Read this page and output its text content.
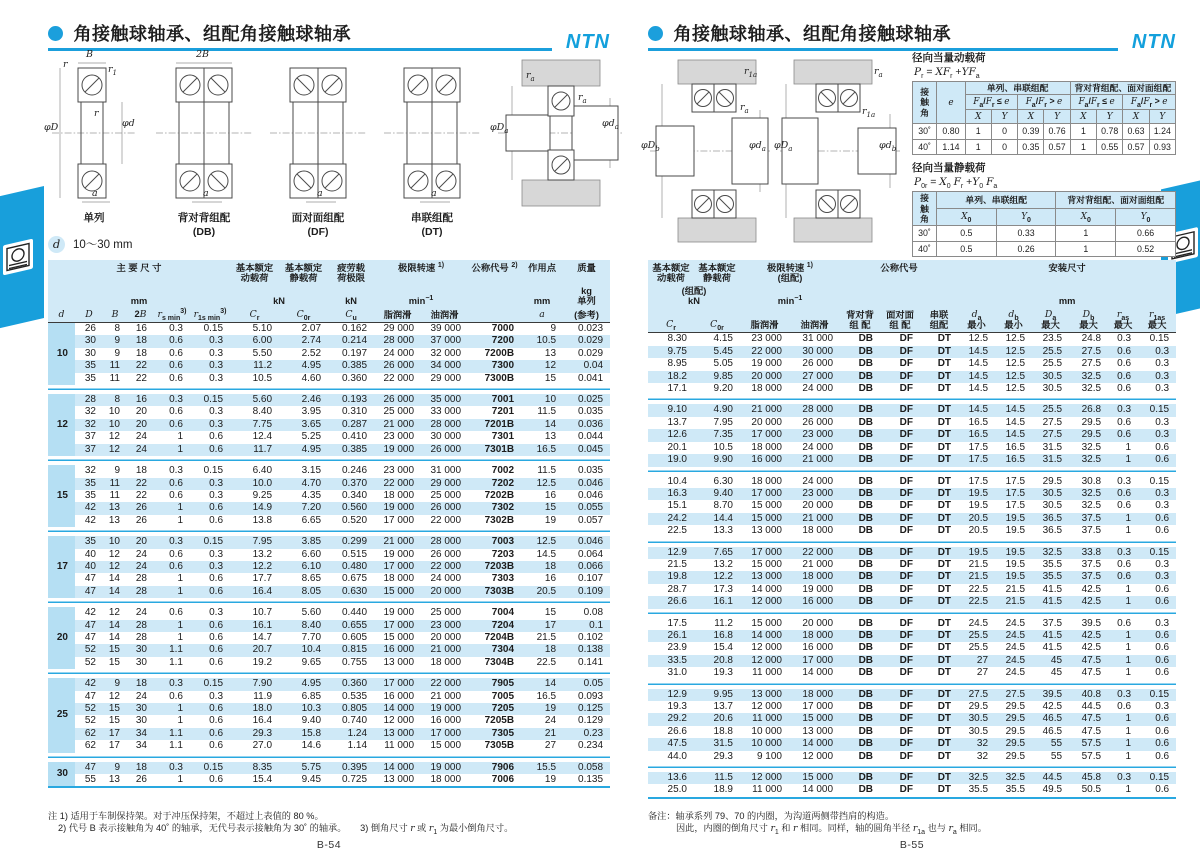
角接触球轴承、组配角接触球轴承	NTN
B
r	$r_1$
φD	φd
r
a
单列
2B
a
背对背组配
(DB)
a
面对面组配
(DF)
a
串联组配
(DT)
$r_a$
$r_a$
$\varphi D_a$
$\varphi d_a$
d 10～30 mm
主 要 尺 寸						基本额定
动载荷	基本额定
静载荷	疲劳载
荷极限	极限转速 $^{1)}$		公称代号 $^{2)}$	作用点	质量
mm						kN		kN	$\min^{-1}$			mm	kg
单列
d	D	B	2B	$r_{s min}^{3)}$	$r_{1s min}^{3)}$	$C_r$	$C_{0r}$	$C_u$	脂润滑	油润滑		a	(参考)
10	26	8	16	0.3	0.15	5.10	2.07	0.162	29 000	39 000	7000	9	0.023
	30	9	18	0.6	0.3	6.00	2.74	0.214	28 000	37 000	7200	10.5	0.029
	30	9	18	0.6	0.3	5.50	2.52	0.197	24 000	32 000	7200B	13	0.029
	35	11	22	0.6	0.3	11.2	4.95	0.385	26 000	34 000	7300	12	0.04
	35	11	22	0.6	0.3	10.5	4.60	0.360	22 000	29 000	7300B	15	0.041

12	28	8	16	0.3	0.15	5.60	2.46	0.193	26 000	35 000	7001	10	0.025
	32	10	20	0.6	0.3	8.40	3.95	0.310	25 000	33 000	7201	11.5	0.035
	32	10	20	0.6	0.3	7.75	3.65	0.287	21 000	28 000	7201B	14	0.036
	37	12	24	1	0.6	12.4	5.25	0.410	23 000	30 000	7301	13	0.044
	37	12	24	1	0.6	11.7	4.95	0.385	19 000	26 000	7301B	16.5	0.045

15	32	9	18	0.3	0.15	6.40	3.15	0.246	23 000	31 000	7002	11.5	0.035
	35	11	22	0.6	0.3	10.0	4.70	0.370	22 000	29 000	7202	12.5	0.046
	35	11	22	0.6	0.3	9.25	4.35	0.340	18 000	25 000	7202B	16	0.046
	42	13	26	1	0.6	14.9	7.20	0.560	19 000	26 000	7302	15	0.055
	42	13	26	1	0.6	13.8	6.65	0.520	17 000	22 000	7302B	19	0.057

17	35	10	20	0.3	0.15	7.95	3.85	0.299	21 000	28 000	7003	12.5	0.046
	40	12	24	0.6	0.3	13.2	6.60	0.515	19 000	26 000	7203	14.5	0.064
	40	12	24	0.6	0.3	12.2	6.10	0.480	17 000	22 000	7203B	18	0.066
	47	14	28	1	0.6	17.7	8.65	0.675	18 000	24 000	7303	16	0.107
	47	14	28	1	0.6	16.4	8.05	0.630	15 000	20 000	7303B	20.5	0.109

20	42	12	24	0.6	0.3	10.7	5.60	0.440	19 000	25 000	7004	15	0.08
	47	14	28	1	0.6	16.1	8.40	0.655	17 000	23 000	7204	17	0.1
	47	14	28	1	0.6	14.7	7.70	0.605	15 000	20 000	7204B	21.5	0.102
	52	15	30	1.1	0.6	20.7	10.4	0.815	16 000	21 000	7304	18	0.138
	52	15	30	1.1	0.6	19.2	9.65	0.755	13 000	18 000	7304B	22.5	0.141

25	42	9	18	0.3	0.15	7.90	4.95	0.360	17 000	22 000	7905	14	0.05
	47	12	24	0.6	0.3	11.9	6.85	0.535	16 000	21 000	7005	16.5	0.093
	52	15	30	1	0.6	18.0	10.3	0.805	14 000	19 000	7205	19	0.125
	52	15	30	1	0.6	16.4	9.40	0.740	12 000	16 000	7205B	24	0.129
	62	17	34	1.1	0.6	29.3	15.8	1.24	13 000	17 000	7305	21	0.23
	62	17	34	1.1	0.6	27.0	14.6	1.14	11 000	15 000	7305B	27	0.234

30	47	9	18	0.3	0.15	8.35	5.75	0.395	14 000	19 000	7906	15.5	0.058
	55	13	26	1	0.6	15.4	9.45	0.725	13 000	18 000	7006	19	0.135
注 1) 适用于车制保持架。对于冲压保持架，不超过上表值的 80 %。
2) 代号 B 表示接触角为 40˚ 的轴承，无代号表示接触角为 30˚ 的轴承。　　3) 倒角尺寸 r 或 $r_1$ 为最小倒角尺寸。
B-54
角接触球轴承、组配角接触球轴承	NTN
$r_{1a}$
$r_a$
$\varphi D_b$	$\varphi d_a$
$r_a$
$r_{1a}$
$\varphi D_a$	$\varphi d_b$
径向当量动载荷
$P_r = XF_r +YF_a$
接
触
角	e	单列、串联组配				背对背组配、面对面组配			
		$F_a/F_r \le e$		$F_a/F_r > e$		$F_a/F_r \le e$		$F_a/F_r > e$	
		X	Y	X	Y	X	Y	X	Y
30˚	0.80	1	0	0.39	0.76	1	0.78	0.63	1.24
40˚	1.14	1	0	0.35	0.57	1	0.55	0.57	0.93
径向当量静载荷
$P_{0r} = X_0$ $F_r +Y_0$ $F_a$
接
触
角	单列、串联组配		背对背组配、面对面组配	
	$X_0$	$Y_0$	$X_0$	$Y_0$
30˚	0.5	0.33	1	0.66
40˚	0.5	0.26	1	0.52
单列或串联组配场合，
$P_{0r} < F_r$ 时, $P_{0r} = F_{ro}$
基本额定
动载荷	基本额定
静载荷	极限转速 $^{1)}$
(组配)		公称代号			安装尺寸					
(组配)
kN		$\min^{-1}$					mm					
$C_r$	$C_{0r}$	脂润滑	油润滑	背对背
组 配	面对面
组 配	串联
组配	$d_a$
最小	$d_b$
最小	$D_a$
最大	$D_b$
最大	$r_{as}$
最大	$r_{1as}$
最大
8.30	4.15	23 000	31 000	DB	DF	DT	12.5	12.5	23.5	24.8	0.3	0.15
9.75	5.45	22 000	30 000	DB	DF	DT	14.5	12.5	25.5	27.5	0.6	0.3
8.95	5.05	19 000	26 000	DB	DF	DT	14.5	12.5	25.5	27.5	0.6	0.3
18.2	9.85	20 000	27 000	DB	DF	DT	14.5	12.5	30.5	32.5	0.6	0.3
17.1	9.20	18 000	24 000	DB	DF	DT	14.5	12.5	30.5	32.5	0.6	0.3

9.10	4.90	21 000	28 000	DB	DF	DT	14.5	14.5	25.5	26.8	0.3	0.15
13.7	7.95	20 000	26 000	DB	DF	DT	16.5	14.5	27.5	29.5	0.6	0.3
12.6	7.35	17 000	23 000	DB	DF	DT	16.5	14.5	27.5	29.5	0.6	0.3
20.1	10.5	18 000	24 000	DB	DF	DT	17.5	16.5	31.5	32.5	1	0.6
19.0	9.90	16 000	21 000	DB	DF	DT	17.5	16.5	31.5	32.5	1	0.6

10.4	6.30	18 000	24 000	DB	DF	DT	17.5	17.5	29.5	30.8	0.3	0.15
16.3	9.40	17 000	23 000	DB	DF	DT	19.5	17.5	30.5	32.5	0.6	0.3
15.1	8.70	15 000	20 000	DB	DF	DT	19.5	17.5	30.5	32.5	0.6	0.3
24.2	14.4	15 000	21 000	DB	DF	DT	20.5	19.5	36.5	37.5	1	0.6
22.5	13.3	13 000	18 000	DB	DF	DT	20.5	19.5	36.5	37.5	1	0.6

12.9	7.65	17 000	22 000	DB	DF	DT	19.5	19.5	32.5	33.8	0.3	0.15
21.5	13.2	15 000	21 000	DB	DF	DT	21.5	19.5	35.5	37.5	0.6	0.3
19.8	12.2	13 000	18 000	DB	DF	DT	21.5	19.5	35.5	37.5	0.6	0.3
28.7	17.3	14 000	19 000	DB	DF	DT	22.5	21.5	41.5	42.5	1	0.6
26.6	16.1	12 000	16 000	DB	DF	DT	22.5	21.5	41.5	42.5	1	0.6

17.5	11.2	15 000	20 000	DB	DF	DT	24.5	24.5	37.5	39.5	0.6	0.3
26.1	16.8	14 000	18 000	DB	DF	DT	25.5	24.5	41.5	42.5	1	0.6
23.9	15.4	12 000	16 000	DB	DF	DT	25.5	24.5	41.5	42.5	1	0.6
33.5	20.8	12 000	17 000	DB	DF	DT	27	24.5	45	47.5	1	0.6
31.0	19.3	11 000	14 000	DB	DF	DT	27	24.5	45	47.5	1	0.6

12.9	9.95	13 000	18 000	DB	DF	DT	27.5	27.5	39.5	40.8	0.3	0.15
19.3	13.7	12 000	17 000	DB	DF	DT	29.5	29.5	42.5	44.5	0.6	0.3
29.2	20.6	11 000	15 000	DB	DF	DT	30.5	29.5	46.5	47.5	1	0.6
26.6	18.8	10 000	13 000	DB	DF	DT	30.5	29.5	46.5	47.5	1	0.6
47.5	31.5	10 000	14 000	DB	DF	DT	32	29.5	55	57.5	1	0.6
44.0	29.3	9 100	12 000	DB	DF	DT	32	29.5	55	57.5	1	0.6

13.6	11.5	12 000	15 000	DB	DF	DT	32.5	32.5	44.5	45.8	0.3	0.15
25.0	18.9	11 000	14 000	DB	DF	DT	35.5	35.5	49.5	50.5	1	0.6
备注：轴承系列 79、70 的内圈，为沟道两侧带挡肩的构造。
因此，内圈的倒角尺寸 $r_1$ 和 r 相同。同样，轴的圆角半径 $r_{1a}$ 也与 $r_a$ 相同。
B-55
